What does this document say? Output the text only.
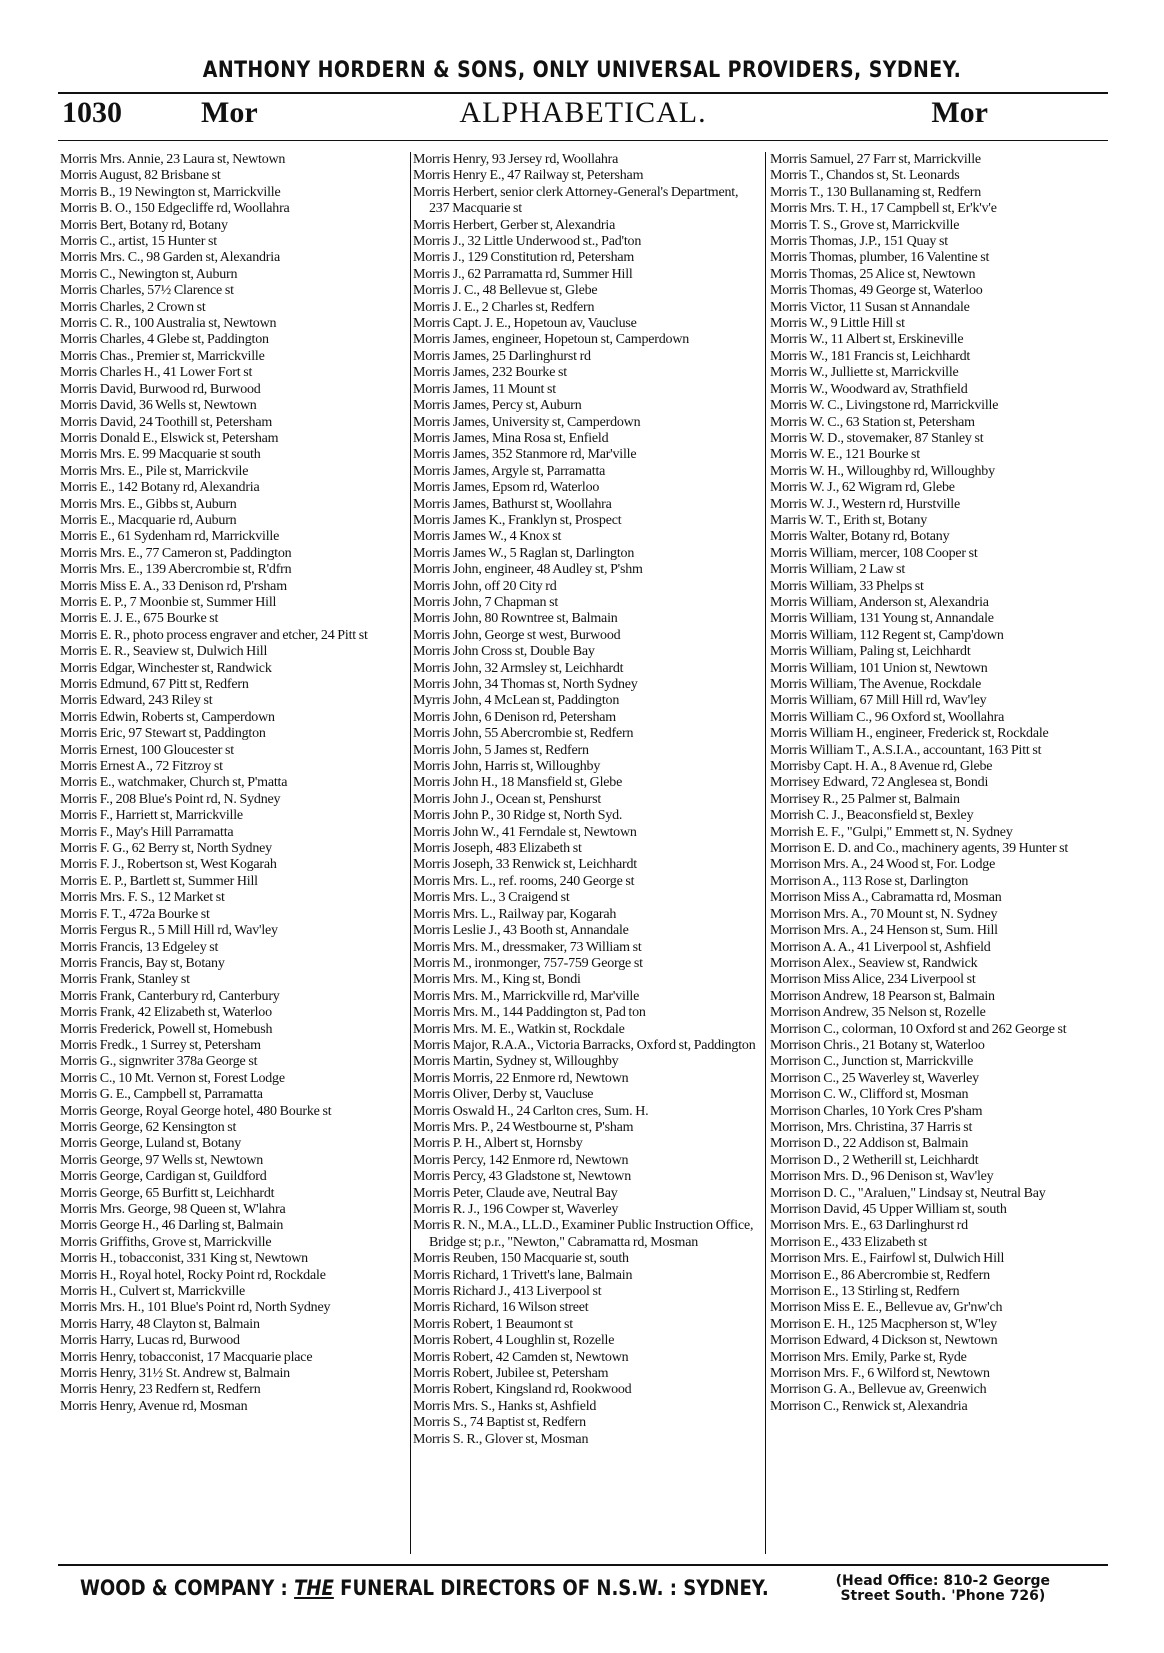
ANTHONY HORDERN & SONS, ONLY UNIVERSAL PROVIDERS, SYDNEY.
1030	Mor	ALPHABETICAL.	Mor
Morris Mrs. Annie, 23 Laura st, Newtown
Morris August, 82 Brisbane st
Morris B., 19 Newington st, Marrickville
Morris B. O., 150 Edgecliffe rd, Woollahra
Morris Bert, Botany rd, Botany
Morris C., artist, 15 Hunter st
Morris Mrs. C., 98 Garden st, Alexandria
Morris C., Newington st, Auburn
Morris Charles, 57½ Clarence st
Morris Charles, 2 Crown st
Morris C. R., 100 Australia st, Newtown
Morris Charles, 4 Glebe st, Paddington
Morris Chas., Premier st, Marrickville
Morris Charles H., 41 Lower Fort st
Morris David, Burwood rd, Burwood
Morris David, 36 Wells st, Newtown
Morris David, 24 Toothill st, Petersham
Morris Donald E., Elswick st, Petersham
Morris Mrs. E. 99 Macquarie st south
Morris Mrs. E., Pile st, Marrickvile
Morris E., 142 Botany rd, Alexandria
Morris Mrs. E., Gibbs st, Auburn
Morris E., Macquarie rd, Auburn
Morris E., 61 Sydenham rd, Marrickville
Morris Mrs. E., 77 Cameron st, Paddington
Morris Mrs. E., 139 Abercrombie st, R'dfrn
Morris Miss E. A., 33 Denison rd, P'rsham
Morris E. P., 7 Moonbie st, Summer Hill
Morris E. J. E., 675 Bourke st
Morris E. R., photo process engraver and etcher, 24 Pitt st
Morris E. R., Seaview st, Dulwich Hill
Morris Edgar, Winchester st, Randwick
Morris Edmund, 67 Pitt st, Redfern
Morris Edward, 243 Riley st
Morris Edwin, Roberts st, Camperdown
Morris Eric, 97 Stewart st, Paddington
Morris Ernest, 100 Gloucester st
Morris Ernest A., 72 Fitzroy st
Morris E., watchmaker, Church st, P'matta
Morris F., 208 Blue's Point rd, N. Sydney
Morris F., Harriett st, Marrickville
Morris F., May's Hill Parramatta
Morris F. G., 62 Berry st, North Sydney
Morris F. J., Robertson st, West Kogarah
Morris E. P., Bartlett st, Summer Hill
Morris Mrs. F. S., 12 Market st
Morris F. T., 472a Bourke st
Morris Fergus R., 5 Mill Hill rd, Wav'ley
Morris Francis, 13 Edgeley st
Morris Francis, Bay st, Botany
Morris Frank, Stanley st
Morris Frank, Canterbury rd, Canterbury
Morris Frank, 42 Elizabeth st, Waterloo
Morris Frederick, Powell st, Homebush
Morris Fredk., 1 Surrey st, Petersham
Morris G., signwriter 378a George st
Morris C., 10 Mt. Vernon st, Forest Lodge
Morris G. E., Campbell st, Parramatta
Morris George, Royal George hotel, 480 Bourke st
Morris George, 62 Kensington st
Morris George, Luland st, Botany
Morris George, 97 Wells st, Newtown
Morris George, Cardigan st, Guildford
Morris George, 65 Burfitt st, Leichhardt
Morris Mrs. George, 98 Queen st, W'lahra
Morris George H., 46 Darling st, Balmain
Morris Griffiths, Grove st, Marrickville
Morris H., tobacconist, 331 King st, Newtown
Morris H., Royal hotel, Rocky Point rd, Rockdale
Morris H., Culvert st, Marrickville
Morris Mrs. H., 101 Blue's Point rd, North Sydney
Morris Harry, 48 Clayton st, Balmain
Morris Harry, Lucas rd, Burwood
Morris Henry, tobacconist, 17 Macquarie place
Morris Henry, 31½ St. Andrew st, Balmain
Morris Henry, 23 Redfern st, Redfern
Morris Henry, Avenue rd, Mosman
Morris Henry, 93 Jersey rd, Woollahra
Morris Henry E., 47 Railway st, Petersham
Morris Herbert, senior clerk Attorney-General's Department, 237 Macquarie st
Morris Herbert, Gerber st, Alexandria
Morris J., 32 Little Underwood st., Pad'ton
Morris J., 129 Constitution rd, Petersham
Morris J., 62 Parramatta rd, Summer Hill
Morris J. C., 48 Bellevue st, Glebe
Morris J. E., 2 Charles st, Redfern
Morris Capt. J. E., Hopetoun av, Vaucluse
Morris James, engineer, Hopetoun st, Camperdown
Morris James, 25 Darlinghurst rd
Morris James, 232 Bourke st
Morris James, 11 Mount st
Morris James, Percy st, Auburn
Morris James, University st, Camperdown
Morris James, Mina Rosa st, Enfield
Morris James, 352 Stanmore rd, Mar'ville
Morris James, Argyle st, Parramatta
Morris James, Epsom rd, Waterloo
Morris James, Bathurst st, Woollahra
Morris James K., Franklyn st, Prospect
Morris James W., 4 Knox st
Morris James W., 5 Raglan st, Darlington
Morris John, engineer, 48 Audley st, P'shm
Morris John, off 20 City rd
Morris John, 7 Chapman st
Morris John, 80 Rowntree st, Balmain
Morris John, George st west, Burwood
Morris John Cross st, Double Bay
Morris John, 32 Armsley st, Leichhardt
Morris John, 34 Thomas st, North Sydney
Myrris John, 4 McLean st, Paddington
Morris John, 6 Denison rd, Petersham
Morris John, 55 Abercrombie st, Redfern
Morris John, 5 James st, Redfern
Morris John, Harris st, Willoughby
Morris John H., 18 Mansfield st, Glebe
Morris John J., Ocean st, Penshurst
Morris John P., 30 Ridge st, North Syd.
Morris John W., 41 Ferndale st, Newtown
Morris Joseph, 483 Elizabeth st
Morris Joseph, 33 Renwick st, Leichhardt
Morris Mrs. L., ref. rooms, 240 George st
Morris Mrs. L., 3 Craigend st
Morris Mrs. L., Railway par, Kogarah
Morris Leslie J., 43 Booth st, Annandale
Morris Mrs. M., dressmaker, 73 William st
Morris M., ironmonger, 757-759 George st
Morris Mrs. M., King st, Bondi
Morris Mrs. M., Marrickville rd, Mar'ville
Morris Mrs. M., 144 Paddington st, Pad ton
Morris Mrs. M. E., Watkin st, Rockdale
Morris Major, R.A.A., Victoria Barracks, Oxford st, Paddington
Morris Martin, Sydney st, Willoughby
Morris Morris, 22 Enmore rd, Newtown
Morris Oliver, Derby st, Vaucluse
Morris Oswald H., 24 Carlton cres, Sum. H.
Morris Mrs. P., 24 Westbourne st, P'sham
Morris P. H., Albert st, Hornsby
Morris Percy, 142 Enmore rd, Newtown
Morris Percy, 43 Gladstone st, Newtown
Morris Peter, Claude ave, Neutral Bay
Morris R. J., 196 Cowper st, Waverley
Morris R. N., M.A., LL.D., Examiner Public Instruction Office, Bridge st; p.r., "Newton," Cabramatta rd, Mosman
Morris Reuben, 150 Macquarie st, south
Morris Richard, 1 Trivett's lane, Balmain
Morris Richard J., 413 Liverpool st
Morris Richard, 16 Wilson street
Morris Robert, 1 Beaumont st
Morris Robert, 4 Loughlin st, Rozelle
Morris Robert, 42 Camden st, Newtown
Morris Robert, Jubilee st, Petersham
Morris Robert, Kingsland rd, Rookwood
Morris Mrs. S., Hanks st, Ashfield
Morris S., 74 Baptist st, Redfern
Morris S. R., Glover st, Mosman
Morris Samuel, 27 Farr st, Marrickville
Morris T., Chandos st, St. Leonards
Morris T., 130 Bullanaming st, Redfern
Morris Mrs. T. H., 17 Campbell st, Er'k'v'e
Morris T. S., Grove st, Marrickville
Morris Thomas, J.P., 151 Quay st
Morris Thomas, plumber, 16 Valentine st
Morris Thomas, 25 Alice st, Newtown
Morris Thomas, 49 George st, Waterloo
Morris Victor, 11 Susan st Annandale
Morris W., 9 Little Hill st
Morris W., 11 Albert st, Erskineville
Morris W., 181 Francis st, Leichhardt
Morris W., Julliette st, Marrickville
Morris W., Woodward av, Strathfield
Morris W. C., Livingstone rd, Marrickville
Morris W. C., 63 Station st, Petersham
Morris W. D., stovemaker, 87 Stanley st
Morris W. E., 121 Bourke st
Morris W. H., Willoughby rd, Willoughby
Morris W. J., 62 Wigram rd, Glebe
Morris W. J., Western rd, Hurstville
Marris W. T., Erith st, Botany
Morris Walter, Botany rd, Botany
Morris William, mercer, 108 Cooper st
Morris William, 2 Law st
Morris William, 33 Phelps st
Morris William, Anderson st, Alexandria
Morris William, 131 Young st, Annandale
Morris William, 112 Regent st, Camp'down
Morris William, Paling st, Leichhardt
Morris William, 101 Union st, Newtown
Morris William, The Avenue, Rockdale
Morris William, 67 Mill Hill rd, Wav'ley
Morris William C., 96 Oxford st, Woollahra
Morris William H., engineer, Frederick st, Rockdale
Morris William T., A.S.I.A., accountant, 163 Pitt st
Morrisby Capt. H. A., 8 Avenue rd, Glebe
Morrisey Edward, 72 Anglesea st, Bondi
Morrisey R., 25 Palmer st, Balmain
Morrish C. J., Beaconsfield st, Bexley
Morrish E. F., "Gulpi," Emmett st, N. Sydney
Morrison E. D. and Co., machinery agents, 39 Hunter st
Morrison Mrs. A., 24 Wood st, For. Lodge
Morrison A., 113 Rose st, Darlington
Morrison Miss A., Cabramatta rd, Mosman
Morrison Mrs. A., 70 Mount st, N. Sydney
Morrison Mrs. A., 24 Henson st, Sum. Hill
Morrison A. A., 41 Liverpool st, Ashfield
Morrison Alex., Seaview st, Randwick
Morrison Miss Alice, 234 Liverpool st
Morrison Andrew, 18 Pearson st, Balmain
Morrison Andrew, 35 Nelson st, Rozelle
Morrison C., colorman, 10 Oxford st and 262 George st
Morrison Chris., 21 Botany st, Waterloo
Morrison C., Junction st, Marrickville
Morrison C., 25 Waverley st, Waverley
Morrison C. W., Clifford st, Mosman
Morrison Charles, 10 York Cres P'sham
Morrison, Mrs. Christina, 37 Harris st
Morrison D., 22 Addison st, Balmain
Morrison D., 2 Wetherill st, Leichhardt
Morrison Mrs. D., 96 Denison st, Wav'ley
Morrison D. C., "Araluen," Lindsay st, Neutral Bay
Morrison David, 45 Upper William st, south
Morrison Mrs. E., 63 Darlinghurst rd
Morrison E., 433 Elizabeth st
Morrison Mrs. E., Fairfowl st, Dulwich Hill
Morrison E., 86 Abercrombie st, Redfern
Morrison E., 13 Stirling st, Redfern
Morrison Miss E. E., Bellevue av, Gr'nw'ch
Morrison E. H., 125 Macpherson st, W'ley
Morrison Edward, 4 Dickson st, Newtown
Morrison Mrs. Emily, Parke st, Ryde
Morrison Mrs. F., 6 Wilford st, Newtown
Morrison G. A., Bellevue av, Greenwich
Morrison C., Renwick st, Alexandria
WOOD & COMPANY : THE FUNERAL DIRECTORS OF N.S.W. : SYDNEY.	(Head Office: 810-2 George
Street South. 'Phone 726)
